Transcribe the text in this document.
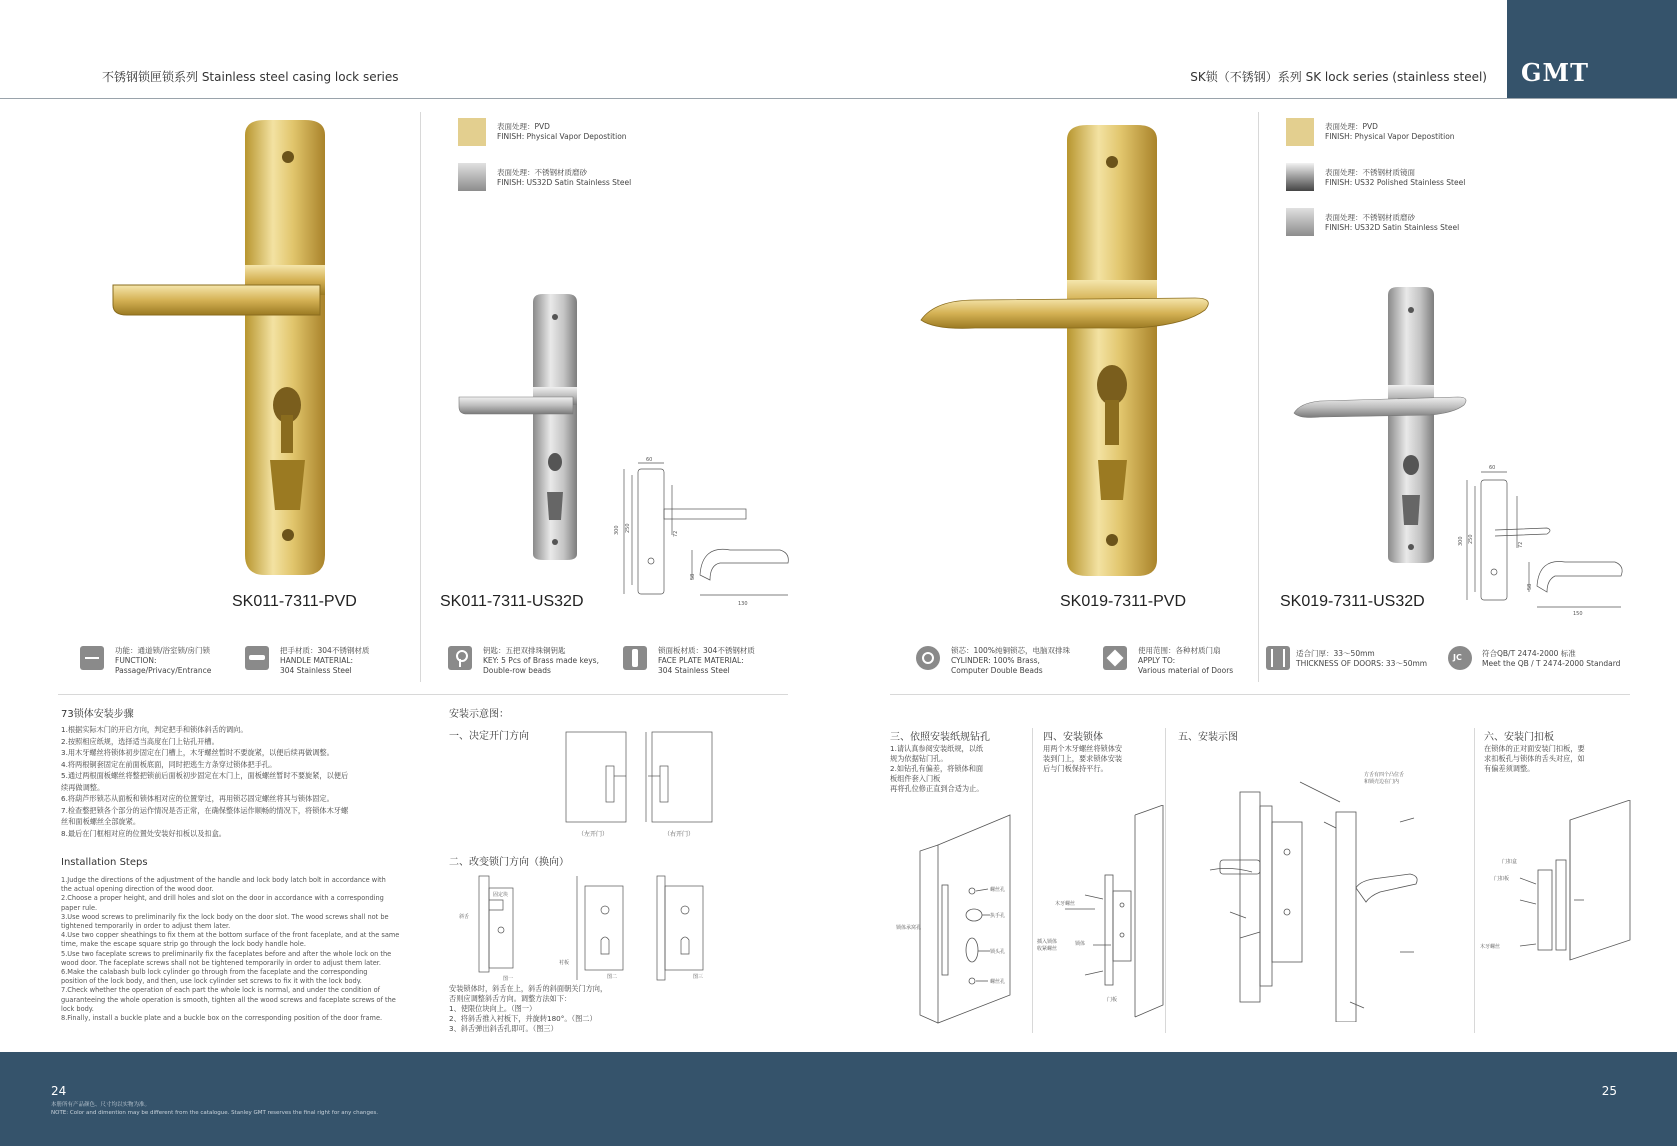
不锈钢锁匣锁系列 Stainless steel casing lock series	SK锁（不锈钢）系列 SK lock series (stainless steel) GMT
SK011-7311-PVD
表面处理：PVD
FINISH: Physical Vapor Depostition
表面处理：不锈钢材质磨砂
FINISH: US32D Satin Stainless Steel
SK011-7311-US32D
60
300 250
72
58
130	SK019-7311-PVD
表面处理：PVD
FINISH: Physical Vapor Depostition
表面处理：不锈钢材质镜面
FINISH: US32 Polished Stainless Steel
表面处理：不锈钢材质磨砂
FINISH: US32D Satin Stainless Steel
SK019-7311-US32D
60
300 250
72
58
150
功能：通道锁/浴室锁/房门锁
FUNCTION:
Passage/Privacy/Entrance
把手材质：304不锈钢材质
HANDLE MATERIAL:
304 Stainless Steel
钥匙：五把双排珠铜钥匙
KEY: 5 Pcs of Brass made keys,
Double-row beads
锁面板材质：304不锈钢材质
FACE PLATE MATERIAL:
304 Stainless Steel
锁芯：100%纯铜锁芯，电脑双排珠
CYLINDER: 100% Brass,
Computer Double Beads
使用范围：各种材质门扇
APPLY TO:
Various material of Doors
适合门厚：33～50mm
THICKNESS OF DOORS: 33～50mm
JC	符合QB/T 2474-2000 标准
Meet the QB / T 2474-2000 Standard
73锁体安装步骤
1.根据实际木门的开启方向，判定把手和锁体斜舌的调向。
2.按照相应纸规，选择适当高度在门上钻孔开槽。
3.用木牙螺丝将锁体初步固定在门槽上，木牙螺丝暂时不要旋紧，以便后续再做调整。
4.将两根铜套固定在前面板底面，同时把逃生方条穿过锁体把手孔。
5.通过两根面板螺丝将整把锁前后面板初步固定在木门上，面板螺丝暂时不要旋紧，以便后
续再做调整。
6.将葫芦形锁芯从面板和锁体相对应的位置穿过，再用锁芯固定螺丝将其与锁体固定。
7.检查整把锁各个部分的运作情况是否正常，在确保整体运作顺畅的情况下，将锁体木牙螺
丝和面板螺丝全部旋紧。
8.最后在门框相对应的位置处安装好扣板以及扣盒。
Installation Steps
1.Judge the directions of the adjustment of the handle and lock body latch bolt in accordance with
the actual opening direction of the wood door.
2.Choose a proper height, and drill holes and slot on the door in accordance with a corresponding
paper rule.
3.Use wood screws to preliminarily fix the lock body on the door slot. The wood screws shall not be
tightened temporarily in order to adjust them later.
4.Use two copper sheathings to fix them at the bottom surface of the front faceplate, and at the same
time, make the escape square strip go through the lock body handle hole.
5.Use two faceplate screws to preliminarily fix the faceplates before and after the whole lock on the
wood door. The faceplate screws shall not be tightened temporarily in order to adjust them later.
6.Make the calabash bulb lock cylinder go through from the faceplate and the corresponding
position of the lock body, and then, use lock cylinder set screws to fix it with the lock body.
7.Check whether the operation of each part the whole lock is normal, and under the condition of
guaranteeing the whole operation is smooth, tighten all the wood screws and faceplate screws of the
lock body.
8.Finally, install a buckle plate and a buckle box on the corresponding position of the door frame.
安装示意图：
一、决定开门方向
（左开门）	（右开门）
二、改变锁门方向（换向）
斜舌
固定块
衬板
图一	图二	图三
安装锁体时，斜舌在上，斜舌的斜面朝关门方向，
否则应调整斜舌方向。调整方法如下：
1、使限位块向上。（图一）
2、将斜舌推入衬板下，并旋转180°。（图二）
3、斜舌弹出斜舌孔即可。（图三）
三、依照安装纸规钻孔
1.请认真参阅安装纸规，以纸
规为依据钻门孔。
2.如钻孔有偏差，将锁体和面
板组件套入门板
再将孔位修正直到合适为止。
四、安装锁体
用两个木牙螺丝将锁体安
装到门上，要求锁体安装
后与门板保持平行。
五、安装示图	六、安装门扣板
在锁体的正对面安装门扣板，要
求扣板孔与锁体的舌头对应，如
有偏差须调整。
螺丝孔
执手孔
锁头孔
螺丝孔
锁体承窝孔
木牙螺丝
锁体
插入锁体
收紧螺丝
门板
方舌有四个凸位舌
和锁壳边在门内
门扣盒
门扣板
木牙螺丝
24	25
本册所有产品颜色、尺寸均以实物为准。
NOTE: Color and dimention may be different from the catalogue. Stanley GMT reserves the final right for any changes.
